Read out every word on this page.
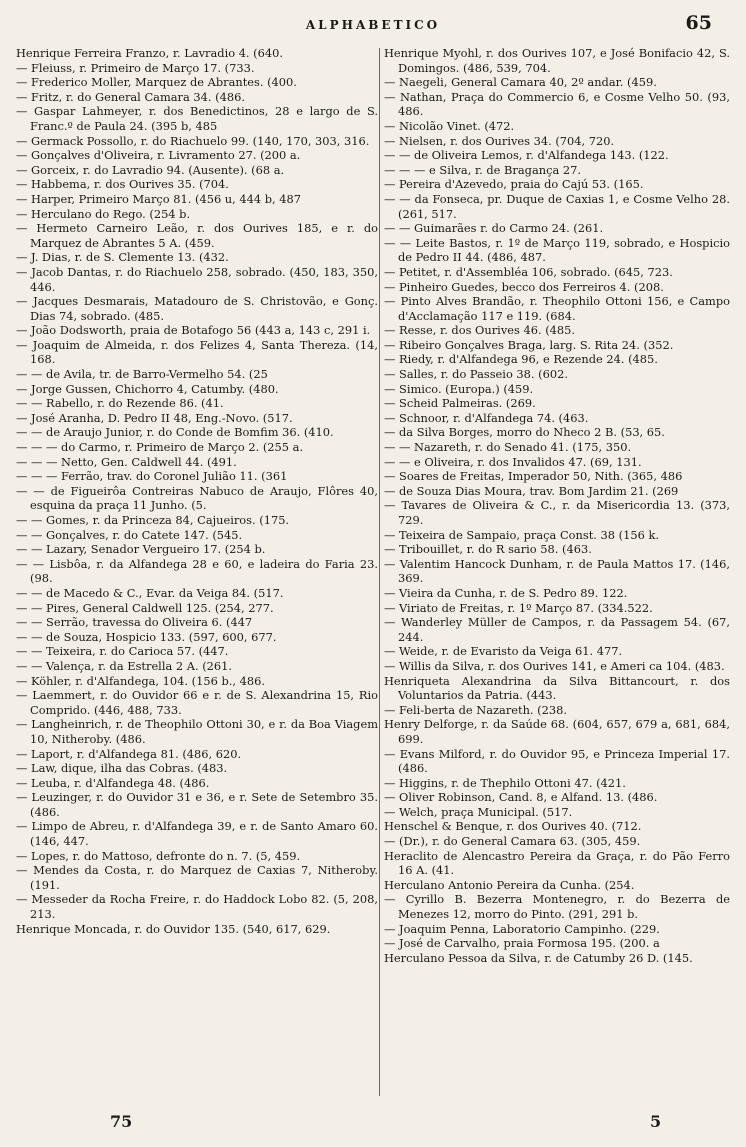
ALPHABETICO	65
Henrique Ferreira Franzo, r. Lavradio 4. (640.
— Fleiuss, r. Primeiro de Março 17. (733.
— Frederico Moller, Marquez de Abrantes. (400.
— Fritz, r. do General Camara 34. (486.
— Gaspar Lahmeyer, r. dos Benedictinos, 28 e largo de S. Franc.º de Paula 24. (395 b, 485
— Germack Possollo, r. do Riachuelo 99. (140, 170, 303, 316.
— Gonçalves d'Oliveira, r. Livramento 27. (200 a.
— Gorceix, r. do Lavradio 94. (Ausente). (68 a.
— Habbema, r. dos Ourives 35. (704.
— Harper, Primeiro Março 81. (456 u, 444 b, 487
— Herculano do Rego. (254 b.
— Hermeto Carneiro Leão, r. dos Ourives 185, e r. do Marquez de Abrantes 5 A. (459.
— J. Dias, r. de S. Clemente 13. (432.
— Jacob Dantas, r. do Riachuelo 258, sobrado. (450, 183, 350, 446.
— Jacques Desmarais, Matadouro de S. Christovão, e Gonç. Dias 74, sobrado. (485.
— João Dodsworth, praia de Botafogo 56 (443 a, 143 c, 291 i.
— Joaquim de Almeida, r. dos Felizes 4, Santa Thereza. (14, 168.
— — de Avila, tr. de Barro-Vermelho 54. (25
— Jorge Gussen, Chichorro 4, Catumby. (480.
— — Rabello, r. do Rezende 86. (41.
— José Aranha, D. Pedro II 48, Eng.-Novo. (517.
— — de Araujo Junior, r. do Conde de Bomfim 36. (410.
— — — do Carmo, r. Primeiro de Março 2. (255 a.
— — — Netto, Gen. Caldwell 44. (491.
— — — Ferrão, trav. do Coronel Julião 11. (361
— — de Figueirôa Contreiras Nabuco de Araujo, Flôres 40, esquina da praça 11 Junho. (5.
— — Gomes, r. da Princeza 84, Cajueiros. (175.
— — Gonçalves, r. do Catete 147. (545.
— — Lazary, Senador Vergueiro 17. (254 b.
— — Lisbôa, r. da Alfandega 28 e 60, e ladeira do Faria 23. (98.
— — de Macedo & C., Evar. da Veiga 84. (517.
— — Pires, General Caldwell 125. (254, 277.
— — Serrão, travessa do Oliveira 6. (447
— — de Souza, Hospicio 133. (597, 600, 677.
— — Teixeira, r. do Carioca 57. (447.
— — Valença, r. da Estrella 2 A. (261.
— Köhler, r. d'Alfandega, 104. (156 b., 486.
— Laemmert, r. do Ouvidor 66 e r. de S. Alexandrina 15, Rio Comprido. (446, 488, 733.
— Langheinrich, r. de Theophilo Ottoni 30, e r. da Boa Viagem 10, Nitheroby. (486.
— Laport, r. d'Alfandega 81. (486, 620.
— Law, dique, ilha das Cobras. (483.
— Leuba, r. d'Alfandega 48. (486.
— Leuzinger, r. do Ouvidor 31 e 36, e r. Sete de Setembro 35. (486.
— Limpo de Abreu, r. d'Alfandega 39, e r. de Santo Amaro 60. (146, 447.
— Lopes, r. do Mattoso, defronte do n. 7. (5, 459.
— Mendes da Costa, r. do Marquez de Caxias 7, Nitheroby. (191.
— Messeder da Rocha Freire, r. do Haddock Lobo 82. (5, 208, 213.
Henrique Moncada, r. do Ouvidor 135. (540, 617, 629.
Henrique Myohl, r. dos Ourives 107, e José Bonifacio 42, S. Domingos. (486, 539, 704.
— Naegeli, General Camara 40, 2º andar. (459.
— Nathan, Praça do Commercio 6, e Cosme Velho 50. (93, 486.
— Nicolão Vinet. (472.
— Nielsen, r. dos Ourives 34. (704, 720.
— — de Oliveira Lemos, r. d'Alfandega 143. (122.
— — — e Silva, r. de Bragança 27.
— Pereira d'Azevedo, praia do Cajú 53. (165.
— — da Fonseca, pr. Duque de Caxias 1, e Cosme Velho 28. (261, 517.
— — Guimarães r. do Carmo 24. (261.
— — Leite Bastos, r. 1º de Março 119, sobrado, e Hospicio de Pedro II 44. (486, 487.
— Petitet, r. d'Assembléa 106, sobrado. (645, 723.
— Pinheiro Guedes, becco dos Ferreiros 4. (208.
— Pinto Alves Brandão, r. Theophilo Ottoni 156, e Campo d'Acclamação 117 e 119. (684.
— Resse, r. dos Ourives 46. (485.
— Ribeiro Gonçalves Braga, larg. S. Rita 24. (352.
— Riedy, r. d'Alfandega 96, e Rezende 24. (485.
— Salles, r. do Passeio 38. (602.
— Simico. (Europa.) (459.
— Scheid Palmeiras. (269.
— Schnoor, r. d'Alfandega 74. (463.
— da Silva Borges, morro do Nheco 2 B. (53, 65.
— — Nazareth, r. do Senado 41. (175, 350.
— — e Oliveira, r. dos Invalidos 47. (69, 131.
— Soares de Freitas, Imperador 50, Nith. (365, 486
— de Souza Dias Moura, trav. Bom Jardim 21. (269
— Tavares de Oliveira & C., r. da Misericordia 13. (373, 729.
— Teixeira de Sampaio, praça Const. 38 (156 k.
— Tribouillet, r. do R sario 58. (463.
— Valentim Hancock Dunham, r. de Paula Mattos 17. (146, 369.
— Vieira da Cunha, r. de S. Pedro 89. 122.
— Viriato de Freitas, r. 1º Março 87. (334.522.
— Wanderley Müller de Campos, r. da Passagem 54. (67, 244.
— Weide, r. de Evaristo da Veiga 61. 477.
— Willis da Silva, r. dos Ourives 141, e Ameri ca 104. (483.
Henriqueta Alexandrina da Silva Bittancourt, r. dos Voluntarios da Patria. (443.
— Feli-berta de Nazareth. (238.
Henry Delforge, r. da Saúde 68. (604, 657, 679 a, 681, 684, 699.
— Evans Milford, r. do Ouvidor 95, e Princeza Imperial 17. (486.
— Higgins, r. de Thephilo Ottoni 47. (421.
— Oliver Robinson, Cand. 8, e Alfand. 13. (486.
— Welch, praça Municipal. (517.
Henschel & Benque, r. dos Ourives 40. (712.
— (Dr.), r. do General Camara 63. (305, 459.
Heraclito de Alencastro Pereira da Graça, r. do Pão Ferro 16 A. (41.
Herculano Antonio Pereira da Cunha. (254.
— Cyrillo B. Bezerra Montenegro, r. do Bezerra de Menezes 12, morro do Pinto. (291, 291 b.
— Joaquim Penna, Laboratorio Campinho. (229.
— José de Carvalho, praia Formosa 195. (200. a
Herculano Pessoa da Silva, r. de Catumby 26 D. (145.
75	5
